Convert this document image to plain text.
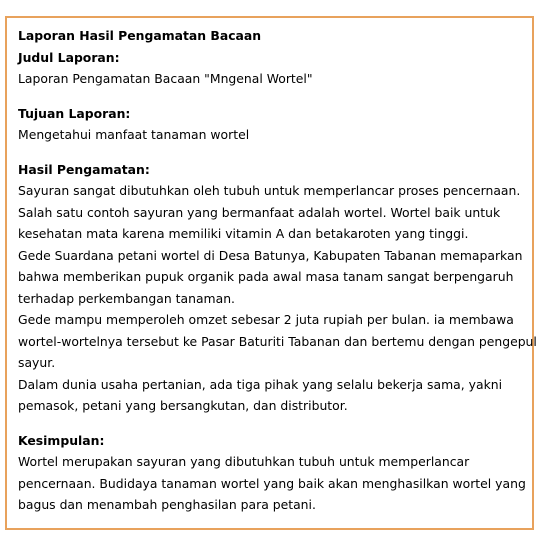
Laporan Hasil Pengamatan Bacaan

Judul Laporan:

Laporan Pengamatan Bacaan "Mngenal Wortel"

Tujuan Laporan:

Mengetahui manfaat tanaman wortel

Hasil Pengamatan:

Sayuran sangat dibutuhkan oleh tubuh untuk memperlancar proses pencernaan.

Salah satu contoh sayuran yang bermanfaat adalah wortel. Wortel baik untuk

kesehatan mata karena memiliki vitamin A dan betakaroten yang tinggi.

Gede Suardana petani wortel di Desa Batunya, Kabupaten Tabanan memaparkan

bahwa memberikan pupuk organik pada awal masa tanam sangat berpengaruh

terhadap perkembangan tanaman.

Gede mampu memperoleh omzet sebesar 2 juta rupiah per bulan. ia membawa

wortel-wortelnya tersebut ke Pasar Baturiti Tabanan dan bertemu dengan pengepul

sayur.

Dalam dunia usaha pertanian, ada tiga pihak yang selalu bekerja sama, yakni

pemasok, petani yang bersangkutan, dan distributor.

Kesimpulan:

Wortel merupakan sayuran yang dibutuhkan tubuh untuk memperlancar

pencernaan. Budidaya tanaman wortel yang baik akan menghasilkan wortel yang

bagus dan menambah penghasilan para petani.
